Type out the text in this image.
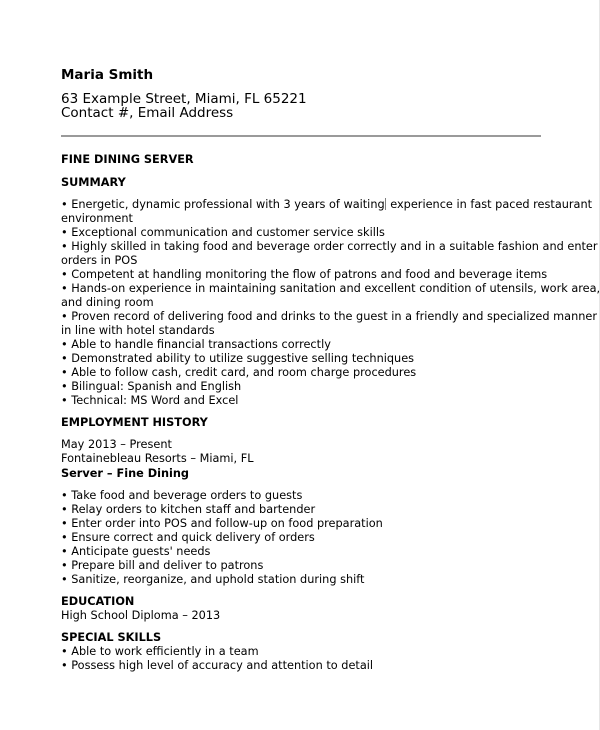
Maria Smith
63 Example Street, Miami, FL 65221
Contact #, Email Address
FINE DINING SERVER
SUMMARY
• Energetic, dynamic professional with 3 years of waiting experience in fast paced restaurant
environment
• Exceptional communication and customer service skills
• Highly skilled in taking food and beverage order correctly and in a suitable fashion and enter
orders in POS
• Competent at handling monitoring the flow of patrons and food and beverage items
• Hands-on experience in maintaining sanitation and excellent condition of utensils, work area,
and dining room
• Proven record of delivering food and drinks to the guest in a friendly and specialized manner
in line with hotel standards
• Able to handle financial transactions correctly
• Demonstrated ability to utilize suggestive selling techniques
• Able to follow cash, credit card, and room charge procedures
• Bilingual: Spanish and English
• Technical: MS Word and Excel
EMPLOYMENT HISTORY
May 2013 – Present
Fontainebleau Resorts – Miami, FL
Server – Fine Dining
• Take food and beverage orders to guests
• Relay orders to kitchen staff and bartender
• Enter order into POS and follow-up on food preparation
• Ensure correct and quick delivery of orders
• Anticipate guests' needs
• Prepare bill and deliver to patrons
• Sanitize, reorganize, and uphold station during shift
EDUCATION
High School Diploma – 2013
SPECIAL SKILLS
• Able to work efficiently in a team
• Possess high level of accuracy and attention to detail
